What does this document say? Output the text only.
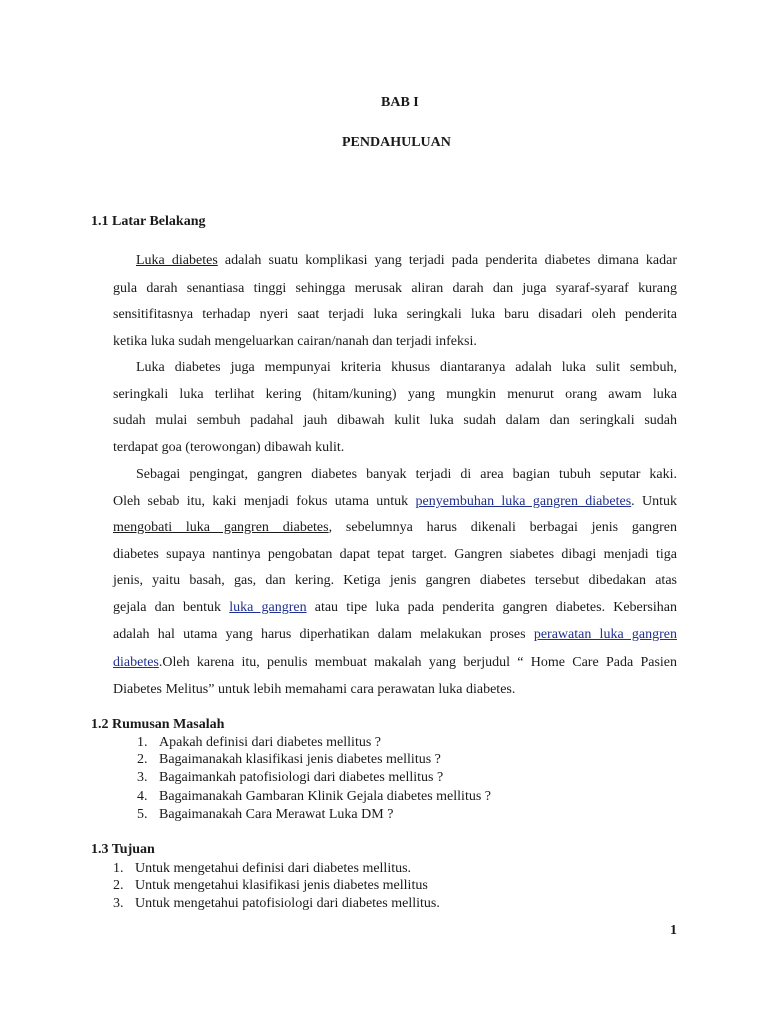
BAB I
PENDAHULUAN
1.1 Latar Belakang
Luka diabetes adalah suatu komplikasi yang terjadi pada penderita diabetes dimana kadar
gula darah senantiasa tinggi sehingga merusak aliran darah dan juga syaraf-syaraf kurang
sensitifitasnya terhadap nyeri saat terjadi luka seringkali luka baru disadari oleh penderita
ketika luka sudah mengeluarkan cairan/nanah dan terjadi infeksi.
Luka diabetes juga mempunyai kriteria khusus diantaranya adalah luka sulit sembuh,
seringkali luka terlihat kering (hitam/kuning) yang mungkin menurut orang awam luka
sudah mulai sembuh padahal jauh dibawah kulit luka sudah dalam dan seringkali sudah
terdapat goa (terowongan) dibawah kulit.
Sebagai pengingat, gangren diabetes banyak terjadi di area bagian tubuh seputar kaki.
Oleh sebab itu, kaki menjadi fokus utama untuk penyembuhan luka gangren diabetes. Untuk
mengobati luka gangren diabetes, sebelumnya harus dikenali berbagai jenis gangren
diabetes supaya nantinya pengobatan dapat tepat target. Gangren siabetes dibagi menjadi tiga
jenis, yaitu basah, gas, dan kering. Ketiga jenis gangren diabetes tersebut dibedakan atas
gejala dan bentuk luka gangren atau tipe luka pada penderita gangren diabetes. Kebersihan
adalah hal utama yang harus diperhatikan dalam melakukan proses perawatan luka gangren
diabetes.Oleh karena itu, penulis membuat makalah yang berjudul “ Home Care Pada Pasien
Diabetes Melitus” untuk lebih memahami cara perawatan luka diabetes.
1.2 Rumusan Masalah
1. Apakah definisi dari diabetes mellitus ?
2. Bagaimanakah klasifikasi jenis diabetes mellitus ?
3. Bagaimankah patofisiologi dari diabetes mellitus ?
4. Bagaimanakah Gambaran Klinik Gejala diabetes mellitus ?
5. Bagaimanakah Cara Merawat Luka DM ?
1.3 Tujuan
1. Untuk mengetahui definisi dari diabetes mellitus.
2. Untuk mengetahui klasifikasi jenis diabetes mellitus
3. Untuk mengetahui patofisiologi dari diabetes mellitus.
1
